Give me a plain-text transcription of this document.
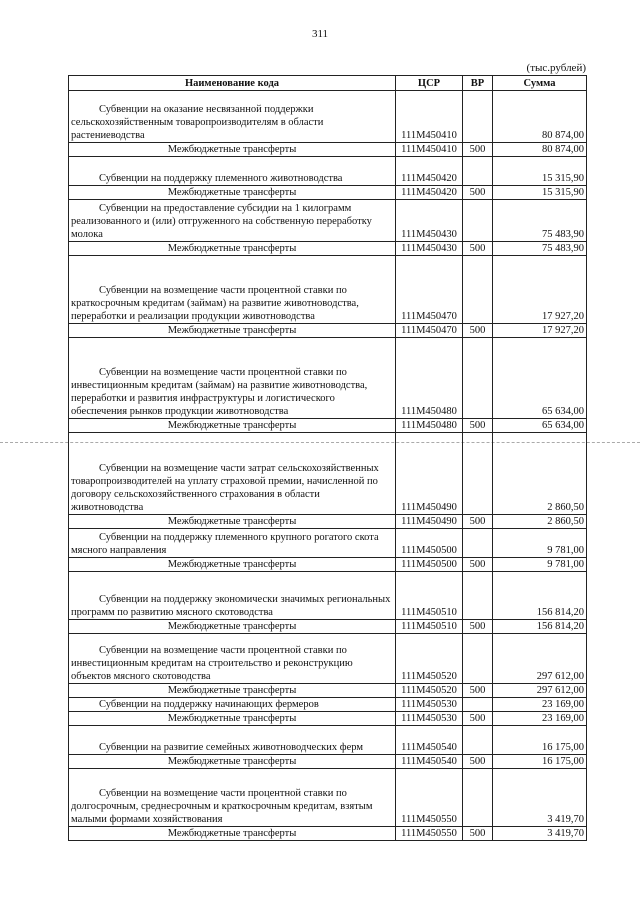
311
(тыс.рублей)
Наименование кода	ЦСР	ВР	Сумма
Субвенции на оказание несвязанной поддержки сельскохозяйственным товаропроизводителям в области растениеводства	111M450410		80 874,00
Межбюджетные трансферты	111M450410	500	80 874,00
Субвенции на поддержку племенного животноводства	111M450420		15 315,90
Межбюджетные трансферты	111M450420	500	15 315,90
Субвенции на предоставление субсидии на 1 килограмм реализованного и (или) отгруженного на собственную переработку молока	111M450430		75 483,90
Межбюджетные трансферты	111M450430	500	75 483,90
Субвенции на возмещение части процентной ставки по краткосрочным кредитам (займам) на развитие животноводства, переработки и реализации продукции животноводства	111M450470		17 927,20
Межбюджетные трансферты	111M450470	500	17 927,20
Субвенции на возмещение части процентной ставки по инвестиционным кредитам (займам) на развитие животноводства, переработки и развития инфраструктуры и логистического обеспечения рынков продукции животноводства	111M450480		65 634,00
Межбюджетные трансферты	111M450480	500	65 634,00
Субвенции на возмещение части затрат сельскохозяйственных товаропроизводителей на уплату страховой премии, начисленной по договору сельскохозяйственного страхования в области животноводства	111M450490		2 860,50
Межбюджетные трансферты	111M450490	500	2 860,50
Субвенции на поддержку племенного крупного рогатого скота мясного направления	111M450500		9 781,00
Межбюджетные трансферты	111M450500	500	9 781,00
Субвенции на поддержку экономически значимых региональных программ по развитию мясного скотоводства	111M450510		156 814,20
Межбюджетные трансферты	111M450510	500	156 814,20
Субвенции на возмещение части процентной ставки по инвестиционным кредитам на строительство и реконструкцию объектов мясного скотоводства	111M450520		297 612,00
Межбюджетные трансферты	111M450520	500	297 612,00
Субвенции на поддержку начинающих фермеров	111M450530		23 169,00
Межбюджетные трансферты	111M450530	500	23 169,00
Субвенции на развитие семейных животноводческих ферм	111M450540		16 175,00
Межбюджетные трансферты	111M450540	500	16 175,00
Субвенции на возмещение части процентной ставки по долгосрочным, среднесрочным и краткосрочным кредитам, взятым малыми формами хозяйствования	111M450550		3 419,70
Межбюджетные трансферты	111M450550	500	3 419,70
